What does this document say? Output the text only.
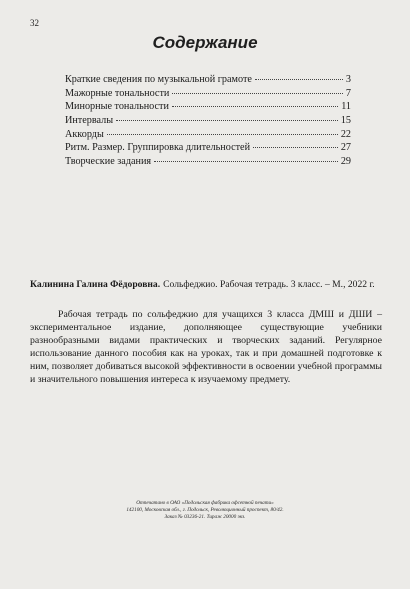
32
Содержание
Краткие сведения по музыкальной грамоте	3
Мажорные тональности	7
Минорные тональности	11
Интервалы	15
Аккорды	22
Ритм. Размер. Группировка длительностей	27
Творческие задания	29
Калинина Галина Фёдоровна. Сольфеджио. Рабочая тетрадь. 3 класс. – М., 2022 г.
Рабочая тетрадь по сольфеджио для учащихся 3 класса ДМШ и ДШИ – экспериментальное издание, дополняющее существующие учебники разнообразными видами практических и творческих заданий. Регулярное использование данного пособия как на уроках, так и при домашней подготовке к ним, позволяет добиваться высокой эффективности в освоении учебной программы и значительного повышения интереса к изучаемому предмету.
Отпечатано в ОАО «Подольская фабрика офсетной печати»
142100, Московская обл., г. Подольск, Революционный проспект, 80/42.
Заказ № 03236-21. Тираж 20000 экз.
